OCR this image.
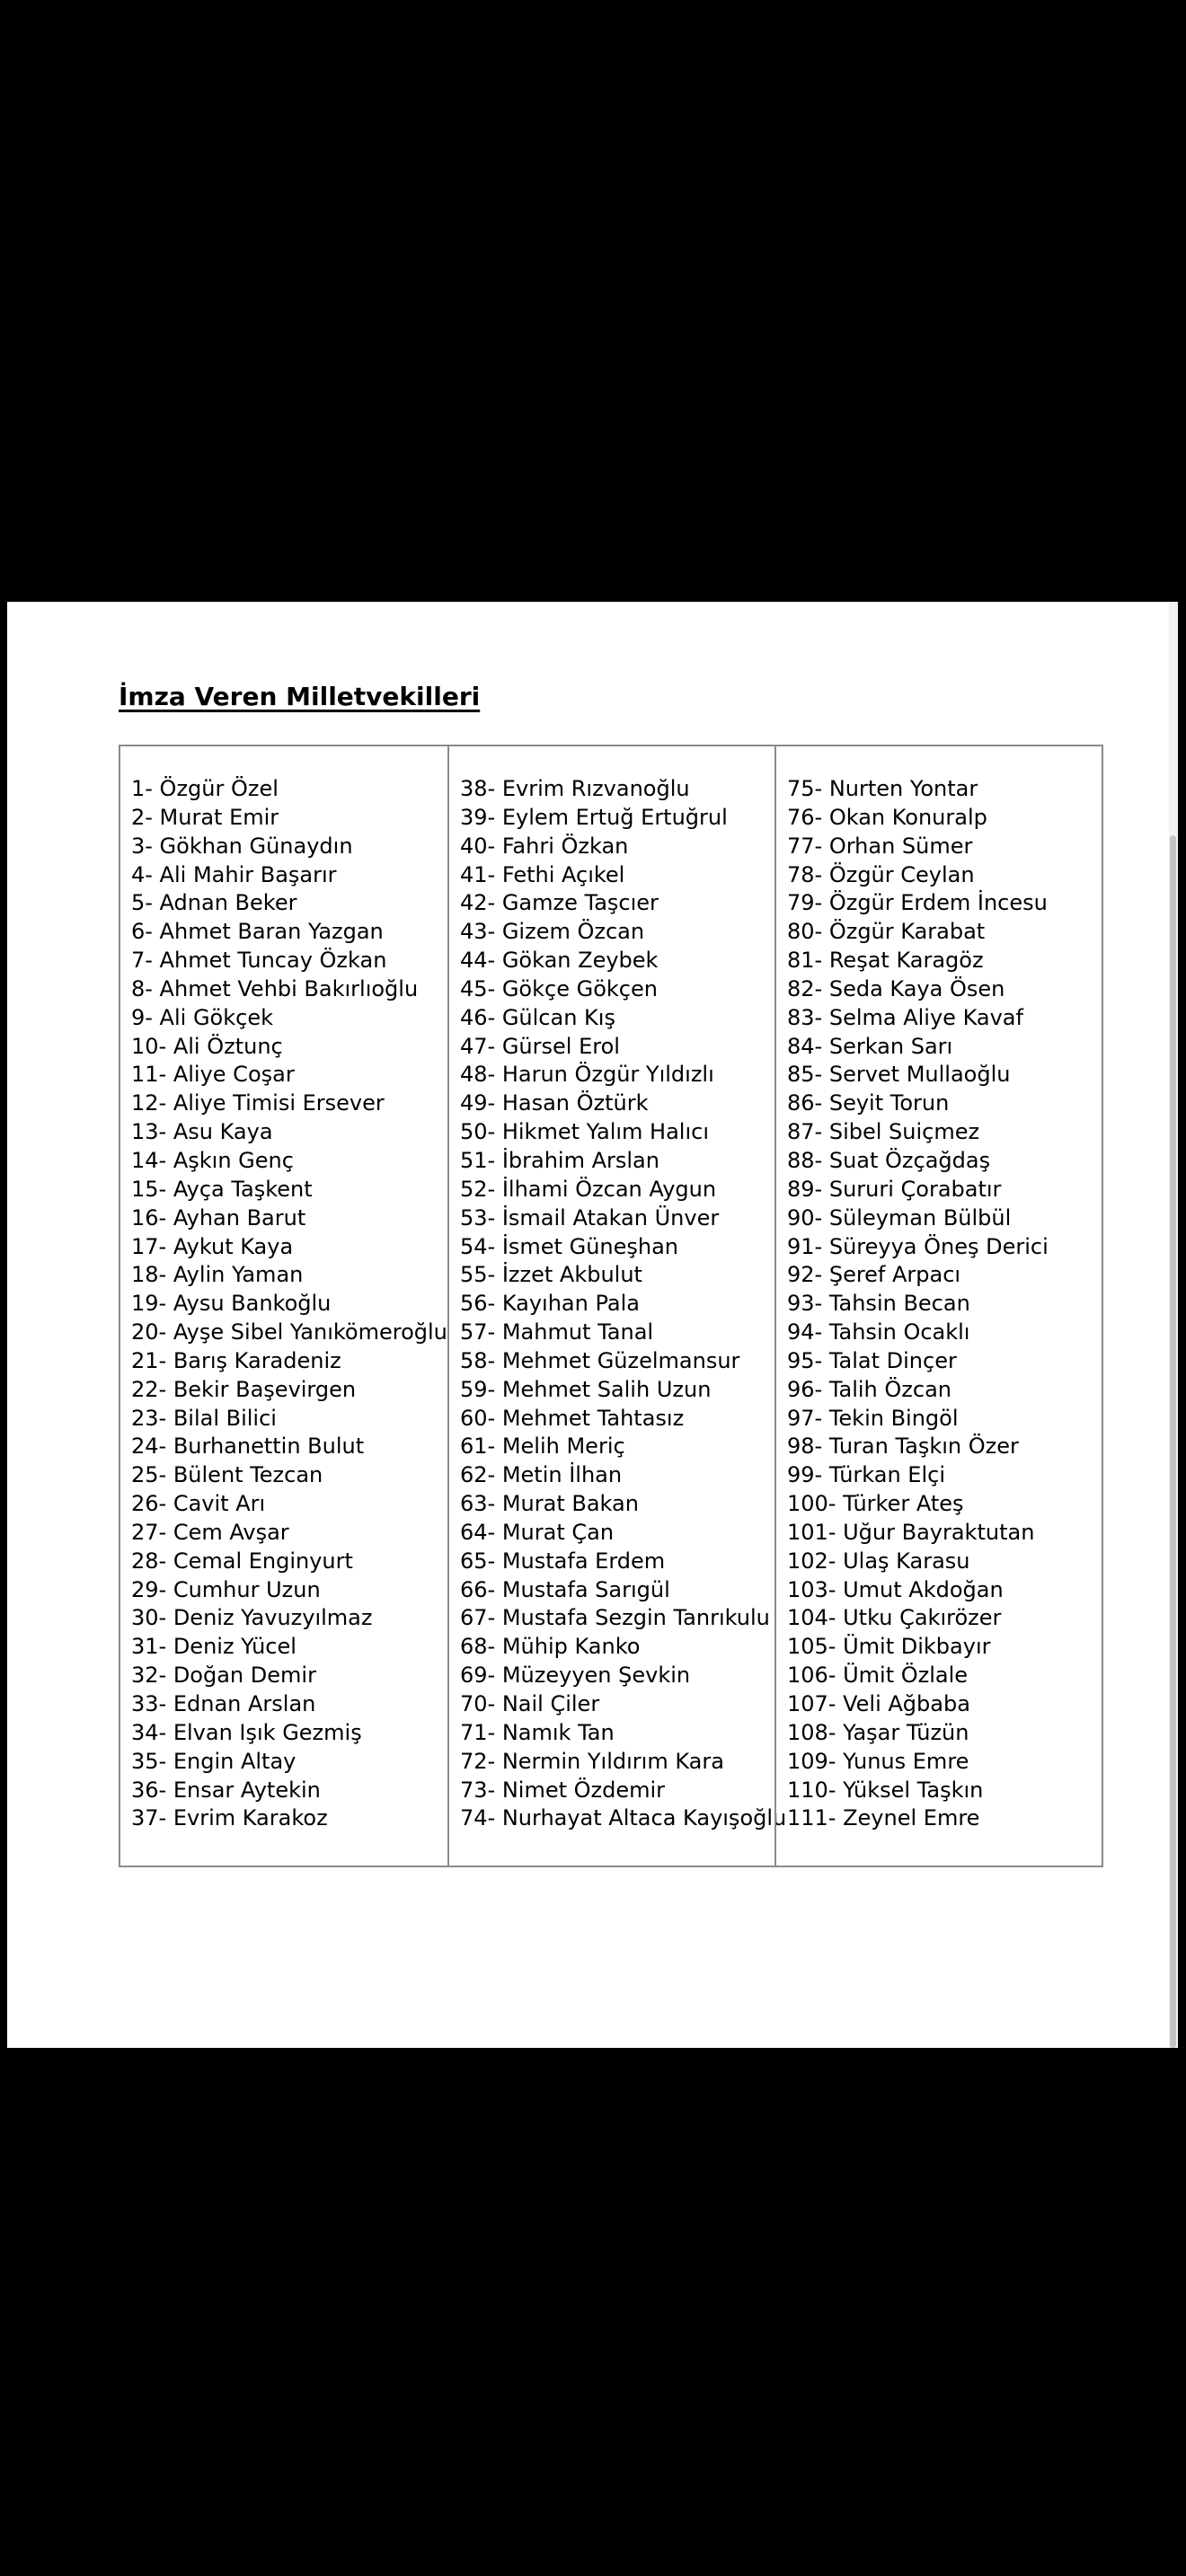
İmza Veren Milletvekilleri
1- Özgür Özel
2- Murat Emir
3- Gökhan Günaydın
4- Ali Mahir Başarır
5- Adnan Beker
6- Ahmet Baran Yazgan
7- Ahmet Tuncay Özkan
8- Ahmet Vehbi Bakırlıoğlu
9- Ali Gökçek
10- Ali Öztunç
11- Aliye Coşar
12- Aliye Timisi Ersever
13- Asu Kaya
14- Aşkın Genç
15- Ayça Taşkent
16- Ayhan Barut
17- Aykut Kaya
18- Aylin Yaman
19- Aysu Bankoğlu
20- Ayşe Sibel Yanıkömeroğlu
21- Barış Karadeniz
22- Bekir Başevirgen
23- Bilal Bilici
24- Burhanettin Bulut
25- Bülent Tezcan
26- Cavit Arı
27- Cem Avşar
28- Cemal Enginyurt
29- Cumhur Uzun
30- Deniz Yavuzyılmaz
31- Deniz Yücel
32- Doğan Demir
33- Ednan Arslan
34- Elvan Işık Gezmiş
35- Engin Altay
36- Ensar Aytekin
37- Evrim Karakoz
38- Evrim Rızvanoğlu
39- Eylem Ertuğ Ertuğrul
40- Fahri Özkan
41- Fethi Açıkel
42- Gamze Taşcıer
43- Gizem Özcan
44- Gökan Zeybek
45- Gökçe Gökçen
46- Gülcan Kış
47- Gürsel Erol
48- Harun Özgür Yıldızlı
49- Hasan Öztürk
50- Hikmet Yalım Halıcı
51- İbrahim Arslan
52- İlhami Özcan Aygun
53- İsmail Atakan Ünver
54- İsmet Güneşhan
55- İzzet Akbulut
56- Kayıhan Pala
57- Mahmut Tanal
58- Mehmet Güzelmansur
59- Mehmet Salih Uzun
60- Mehmet Tahtasız
61- Melih Meriç
62- Metin İlhan
63- Murat Bakan
64- Murat Çan
65- Mustafa Erdem
66- Mustafa Sarıgül
67- Mustafa Sezgin Tanrıkulu
68- Mühip Kanko
69- Müzeyyen Şevkin
70- Nail Çiler
71- Namık Tan
72- Nermin Yıldırım Kara
73- Nimet Özdemir
74- Nurhayat Altaca Kayışoğlu
75- Nurten Yontar
76- Okan Konuralp
77- Orhan Sümer
78- Özgür Ceylan
79- Özgür Erdem İncesu
80- Özgür Karabat
81- Reşat Karagöz
82- Seda Kaya Ösen
83- Selma Aliye Kavaf
84- Serkan Sarı
85- Servet Mullaoğlu
86- Seyit Torun
87- Sibel Suiçmez
88- Suat Özçağdaş
89- Sururi Çorabatır
90- Süleyman Bülbül
91- Süreyya Öneş Derici
92- Şeref Arpacı
93- Tahsin Becan
94- Tahsin Ocaklı
95- Talat Dinçer
96- Talih Özcan
97- Tekin Bingöl
98- Turan Taşkın Özer
99- Türkan Elçi
100- Türker Ateş
101- Uğur Bayraktutan
102- Ulaş Karasu
103- Umut Akdoğan
104- Utku Çakırözer
105- Ümit Dikbayır
106- Ümit Özlale
107- Veli Ağbaba
108- Yaşar Tüzün
109- Yunus Emre
110- Yüksel Taşkın
111- Zeynel Emre
